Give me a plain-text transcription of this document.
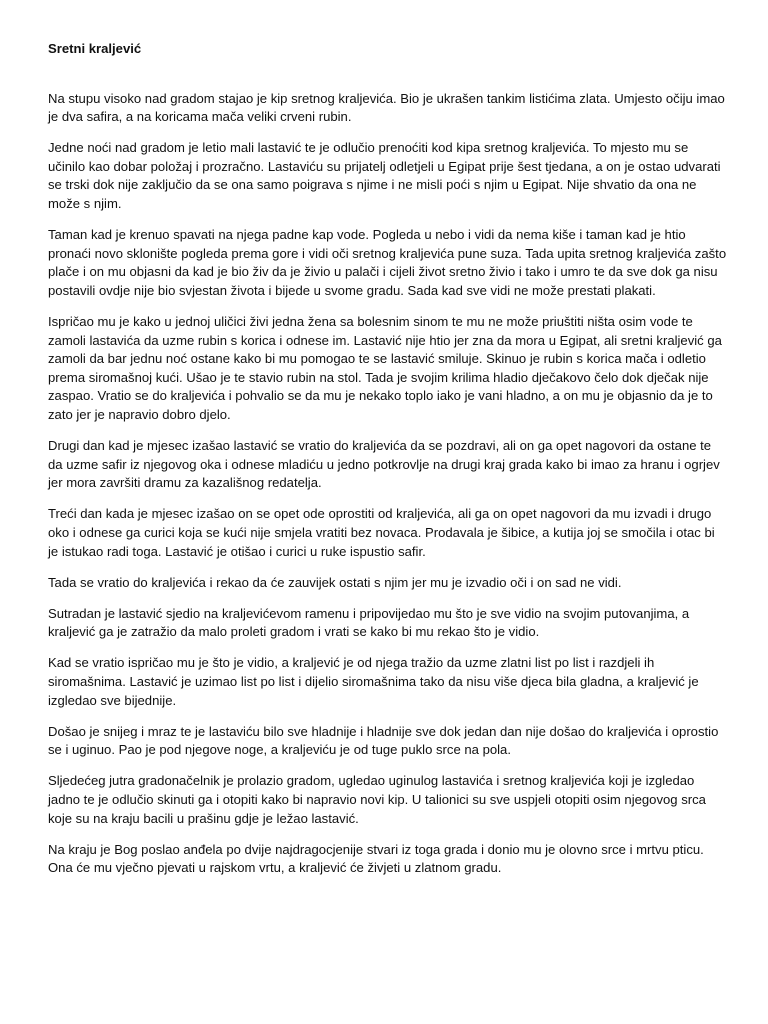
Sretni kraljević

Na stupu visoko nad gradom stajao je kip sretnog kraljevića. Bio je ukrašen tankim listićima zlata. Umjesto očiju imao je dva safira, a na koricama mača veliki crveni rubin.

Jedne noći nad gradom je letio mali lastavić te je odlučio prenoćiti kod kipa sretnog kraljevića. To mjesto mu se učinilo kao dobar položaj i prozračno. Lastaviću su prijatelj odletjeli u Egipat prije šest tjedana, a on je ostao udvarati se trski dok nije zaključio da se ona samo poigrava s njime i ne misli poći s njim u Egipat. Nije shvatio da ona ne može s njim.

Taman kad je krenuo spavati na njega padne kap vode. Pogleda u nebo i vidi da nema kiše i taman kad je htio pronaći novo sklonište pogleda prema gore i vidi oči sretnog kraljevića pune suza. Tada upita sretnog kraljevića zašto plače i on mu objasni da kad je bio živ da je živio u palači i cijeli život sretno živio i tako i umro te da sve dok ga nisu postavili ovdje nije bio svjestan života i bijede u svome gradu. Sada kad sve vidi ne može prestati plakati.

Ispričao mu je kako u jednoj uličici živi jedna žena sa bolesnim sinom te mu ne može priuštiti ništa osim vode te zamoli lastavića da uzme rubin s korica i odnese im. Lastavić nije htio jer zna da mora u Egipat, ali sretni kraljević ga zamoli da bar jednu noć ostane kako bi mu pomogao te se lastavić smiluje. Skinuo je rubin s korica mača i odletio prema siromašnoj kući. Ušao je te stavio rubin na stol. Tada je svojim krilima hladio dječakovo čelo dok dječak nije zaspao. Vratio se do kraljevića i pohvalio se da mu je nekako toplo iako je vani hladno, a on mu je objasnio da je to zato jer je napravio dobro djelo.

Drugi dan kad je mjesec izašao lastavić se vratio do kraljevića da se pozdravi, ali on ga opet nagovori da ostane te da uzme safir iz njegovog oka i odnese mladiću u jedno potkrovlje na drugi kraj grada kako bi imao za hranu i ogrjev jer mora završiti dramu za kazališnog redatelja.

Treći dan kada je mjesec izašao on se opet ode oprostiti od kraljevića, ali ga on opet nagovori da mu izvadi i drugo oko i odnese ga curici koja se kući nije smjela vratiti bez novaca. Prodavala je šibice, a kutija joj se smočila i otac bi je istukao radi toga. Lastavić je otišao i curici u ruke ispustio safir.

Tada se vratio do kraljevića i rekao da će zauvijek ostati s njim jer mu je izvadio oči i on sad ne vidi.

Sutradan je lastavić sjedio na kraljevićevom ramenu i pripovijedao mu što je sve vidio na svojim putovanjima, a kraljević ga je zatražio da malo proleti gradom i vrati se kako bi mu rekao što je vidio.

Kad se vratio ispričao mu je što je vidio, a kraljević je od njega tražio da uzme zlatni list po list i razdjeli ih siromašnima. Lastavić je uzimao list po list i dijelio siromašnima tako da nisu više djeca bila gladna, a kraljević je izgledao sve bijednije.

Došao je snijeg i mraz te je lastaviću bilo sve hladnije i hladnije sve dok jedan dan nije došao do kraljevića i oprostio se i uginuo. Pao je pod njegove noge, a kraljeviću je od tuge puklo srce na pola.

Sljedećeg jutra gradonačelnik je prolazio gradom, ugledao uginulog lastavića i sretnog kraljevića koji je izgledao jadno te je odlučio skinuti ga i otopiti kako bi napravio novi kip. U talionici su sve uspjeli otopiti osim njegovog srca koje su na kraju bacili u prašinu gdje je ležao lastavić.

Na kraju je Bog poslao anđela po dvije najdragocjenije stvari iz toga grada i donio mu je olovno srce i mrtvu pticu. Ona će mu vječno pjevati u rajskom vrtu, a kraljević će živjeti u zlatnom gradu.
